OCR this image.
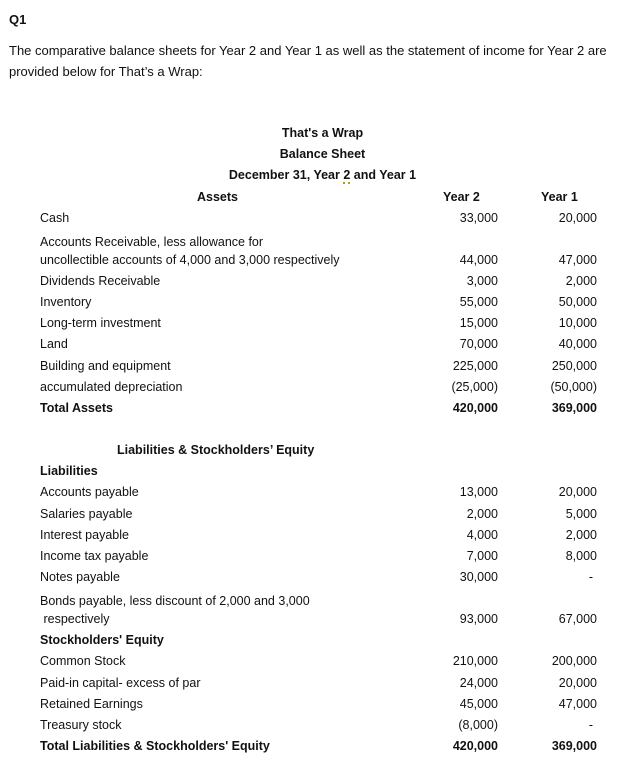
Q1
The comparative balance sheets for Year 2 and Year 1 as well as the statement of income for Year 2 are provided below for That’s a Wrap:
That's a Wrap
Balance Sheet
December 31, Year 2 and Year 1
Assets	Year 2	Year 1
Cash	33,000	20,000
Accounts Receivable, less allowance for
uncollectible accounts of 4,000 and 3,000 respectively	44,000	47,000
Dividends Receivable	3,000	2,000
Inventory	55,000	50,000
Long-term investment	15,000	10,000
Land	70,000	40,000
Building and equipment	225,000	250,000
accumulated depreciation	(25,000)	(50,000)
Total Assets	420,000	369,000
Liabilities & Stockholders’ Equity
Liabilities
Accounts payable	13,000	20,000
Salaries payable	2,000	5,000
Interest payable	4,000	2,000
Income tax payable	7,000	8,000
Notes payable	30,000	-
Bonds payable, less discount of 2,000 and 3,000
respectively	93,000	67,000
Stockholders' Equity
Common Stock	210,000	200,000
Paid-in capital- excess of par	24,000	20,000
Retained Earnings	45,000	47,000
Treasury stock	(8,000)	-
Total Liabilities & Stockholders' Equity	420,000	369,000
